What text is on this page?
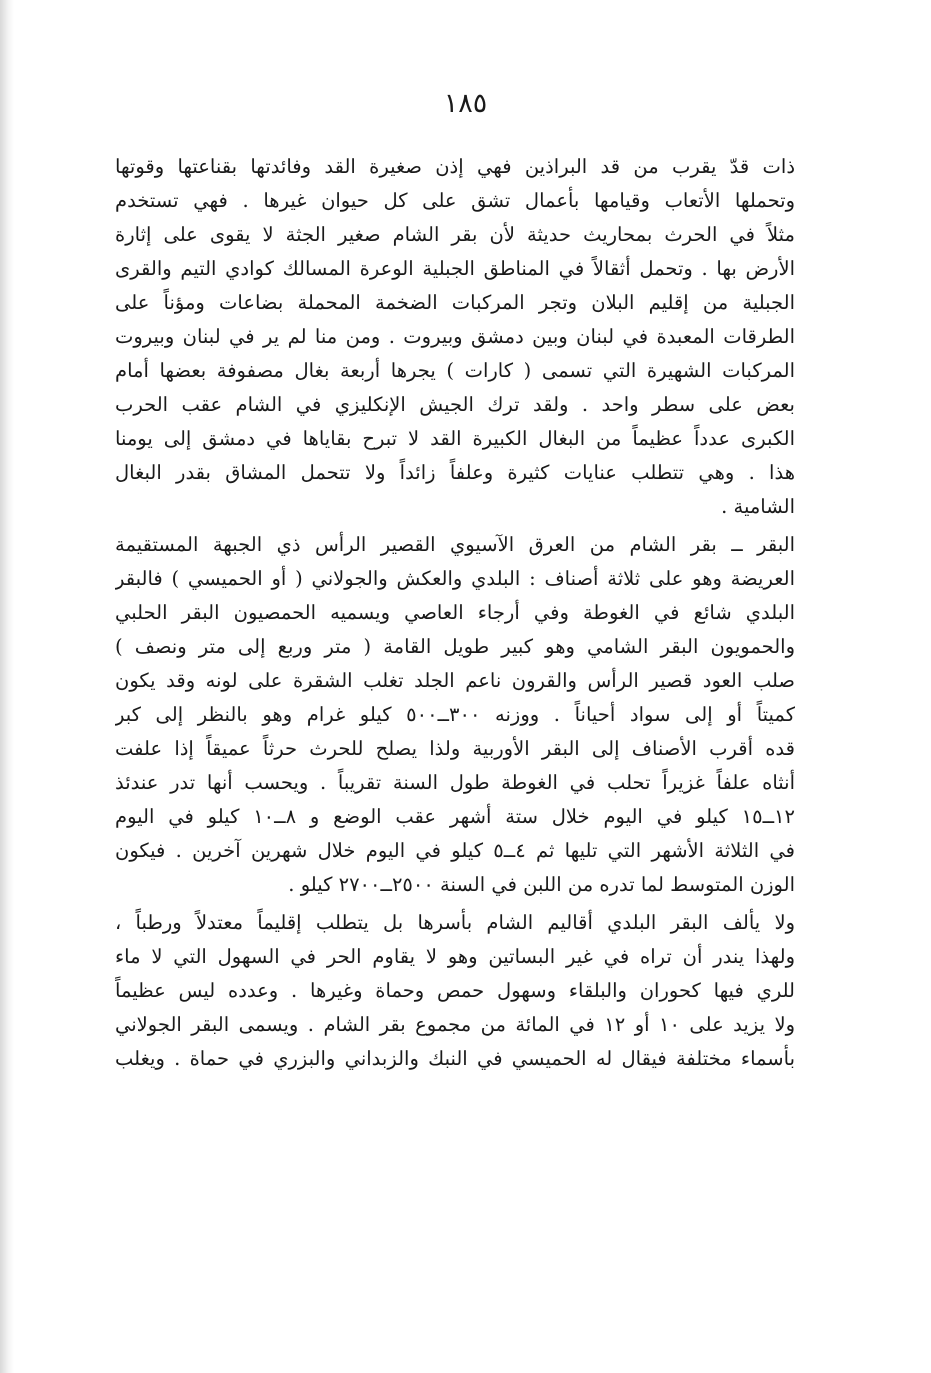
١٨٥
ذات قدّ يقرب من قد البراذين فهي إذن صغيرة القد وفائدتها بقناعتها وقوتها
وتحملها الأتعاب وقيامها بأعمال تشق على كل حيوان غيرها . فهي تستخدم
مثلاً في الحرث بمحاريث حديثة لأن بقر الشام صغير الجثة لا يقوى على إثارة
الأرض بها . وتحمل أثقالاً في المناطق الجبلية الوعرة المسالك كوادي التيم والقرى
الجبلية من إقليم البلان وتجر المركبات الضخمة المحملة بضاعات ومؤناً على
الطرقات المعبدة في لبنان وبين دمشق وبيروت . ومن منا لم ير في لبنان وبيروت
المركبات الشهيرة التي تسمى ( كارات ) يجرها أربعة بغال مصفوفة بعضها أمام
بعض على سطر واحد . ولقد ترك الجيش الإنكليزي في الشام عقب الحرب
الكبرى عدداً عظيماً من البغال الكبيرة القد لا تبرح بقاياها في دمشق إلى يومنا
هذا . وهي تتطلب عنايات كثيرة وعلفاً زائداً ولا تتحمل المشاق بقدر البغال
الشامية .
البقر ــ بقر الشام من العرق الآسيوي القصير الرأس ذي الجبهة المستقيمة
العريضة وهو على ثلاثة أصناف : البلدي والعكش والجولاني ( أو الحميسي ) فالبقر
البلدي شائع في الغوطة وفي أرجاء العاصي ويسميه الحمصيون البقر الحلبي
والحمويون البقر الشامي وهو كبير طويل القامة ( متر وربع إلى متر ونصف )
صلب العود قصير الرأس والقرون ناعم الجلد تغلب الشقرة على لونه وقد يكون
كميتاً أو إلى سواد أحياناً . ووزنه ٣٠٠ــ٥٠٠ كيلو غرام وهو بالنظر إلى كبر
قده أقرب الأصناف إلى البقر الأوربية ولذا يصلح للحرث حرثاً عميقاً إذا علفت
أنثاه علفاً غزيراً تحلب في الغوطة طول السنة تقريباً . ويحسب أنها تدر عندئذ
١٢ــ١٥ كيلو في اليوم خلال ستة أشهر عقب الوضع و ٨ــ١٠ كيلو في اليوم
في الثلاثة الأشهر التي تليها ثم ٤ــ٥ كيلو في اليوم خلال شهرين آخرين . فيكون
الوزن المتوسط لما تدره من اللبن في السنة ٢٥٠٠ــ٢٧٠٠ كيلو .
ولا يألف البقر البلدي أقاليم الشام بأسرها بل يتطلب إقليماً معتدلاً ورطباً ،
ولهذا يندر أن تراه في غير البساتين وهو لا يقاوم الحر في السهول التي لا ماء
للري فيها كحوران والبلقاء وسهول حمص وحماة وغيرها . وعدده ليس عظيماً
ولا يزيد على ١٠ أو ١٢ في المائة من مجموع بقر الشام . ويسمى البقر الجولاني
بأسماء مختلفة فيقال له الحميسي في النبك والزبداني والبزري في حماة . ويغلب
